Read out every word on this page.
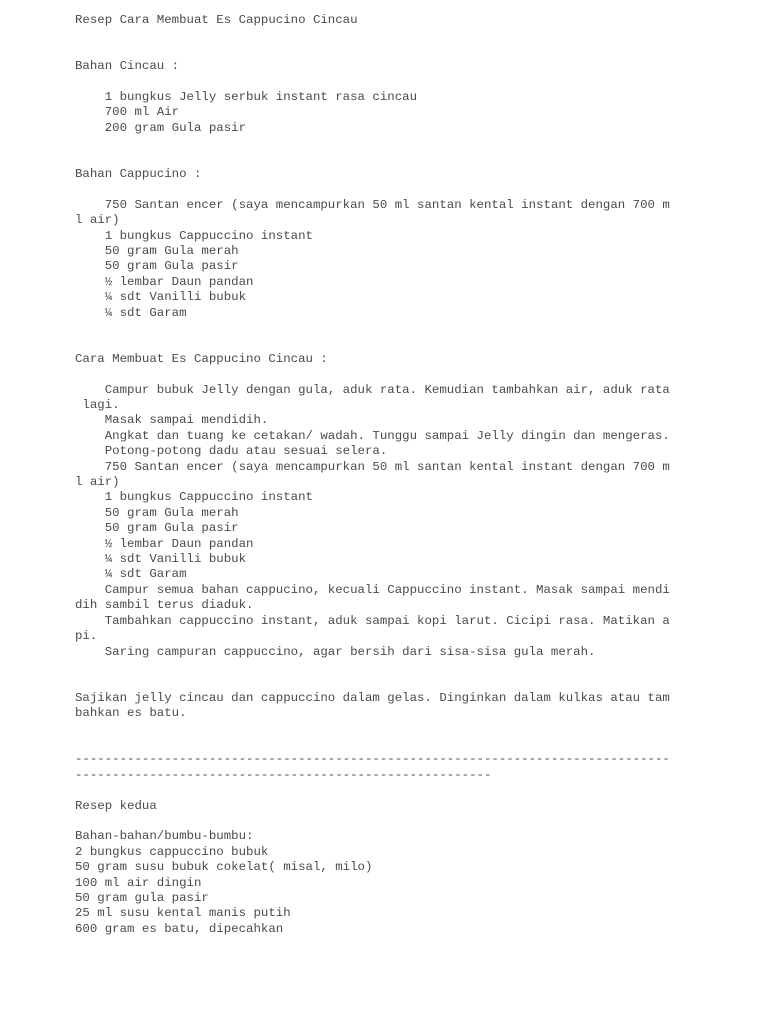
Resep Cara Membuat Es Cappucino Cincau
Bahan Cincau :
1 bungkus Jelly serbuk instant rasa cincau
700 ml Air
200 gram Gula pasir
Bahan Cappucino :
750 Santan encer (saya mencampurkan 50 ml santan kental instant dengan 700 m
l air)
1 bungkus Cappuccino instant
50 gram Gula merah
50 gram Gula pasir
½ lembar Daun pandan
¼ sdt Vanilli bubuk
¼ sdt Garam
Cara Membuat Es Cappucino Cincau :
Campur bubuk Jelly dengan gula, aduk rata. Kemudian tambahkan air, aduk rata
lagi.
Masak sampai mendidih.
Angkat dan tuang ke cetakan/ wadah. Tunggu sampai Jelly dingin dan mengeras.
Potong-potong dadu atau sesuai selera.
750 Santan encer (saya mencampurkan 50 ml santan kental instant dengan 700 m
l air)
1 bungkus Cappuccino instant
50 gram Gula merah
50 gram Gula pasir
½ lembar Daun pandan
¼ sdt Vanilli bubuk
¼ sdt Garam
Campur semua bahan cappucino, kecuali Cappuccino instant. Masak sampai mendi
dih sambil terus diaduk.
Tambahkan cappuccino instant, aduk sampai kopi larut. Cicipi rasa. Matikan a
pi.
Saring campuran cappuccino, agar bersih dari sisa-sisa gula merah.
Sajikan jelly cincau dan cappuccino dalam gelas. Dinginkan dalam kulkas atau tam
bahkan es batu.
--------------------------------------------------------------------------------
--------------------------------------------------------
Resep kedua
Bahan-bahan/bumbu-bumbu:
2 bungkus cappuccino bubuk
50 gram susu bubuk cokelat( misal, milo)
100 ml air dingin
50 gram gula pasir
25 ml susu kental manis putih
600 gram es batu, dipecahkan
